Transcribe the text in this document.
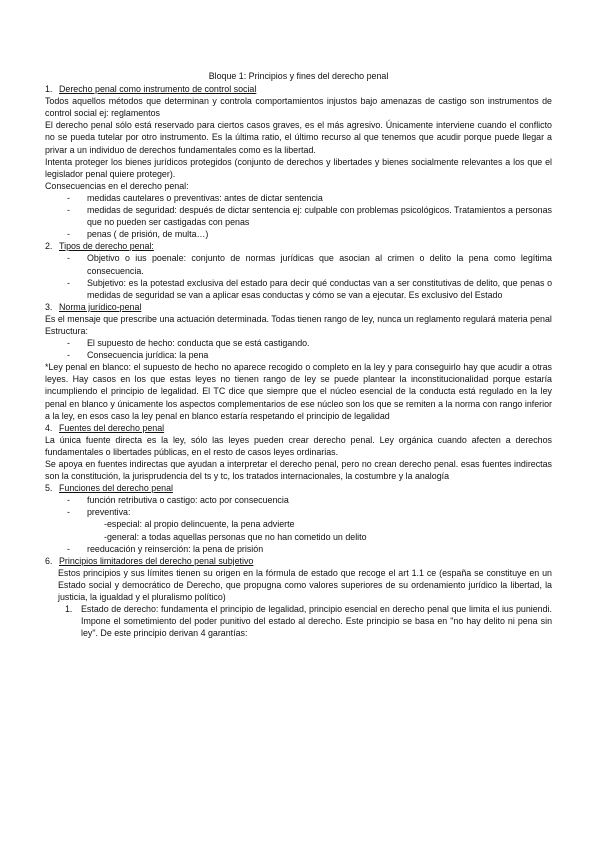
Bloque 1: Principios y fines del derecho penal

1. Derecho penal como instrumento de control social

Todos aquellos métodos que determinan y controla comportamientos injustos bajo amenazas de castigo son instrumentos de control social ej: reglamentos

El derecho penal sólo está reservado para ciertos casos graves, es el más agresivo. Únicamente interviene cuando el conflicto no se pueda tutelar por otro instrumento. Es la última ratio, el último recurso al que tenemos que acudir porque puede llegar a privar a un individuo de derechos fundamentales como es la libertad.

Intenta proteger los bienes jurídicos protegidos (conjunto de derechos y libertades y bienes socialmente relevantes a los que el legislador penal quiere proteger).

Consecuencias en el derecho penal:

-	medidas cautelares o preventivas: antes de dictar sentencia
-	medidas de seguridad: después de dictar sentencia ej: culpable con problemas psicológicos. Tratamientos a personas que no pueden ser castigadas con penas
-	penas ( de prisión, de multa…)
2. Tipos de derecho penal:
-	Objetivo o ius poenale: conjunto de normas jurídicas que asocian al crimen o delito la pena como legítima consecuencia.
-	Subjetivo: es la potestad exclusiva del estado para decir qué conductas van a ser constitutivas de delito, que penas o medidas de seguridad se van a aplicar esas conductas y cómo se van a ejecutar. Es exclusivo del Estado
3. Norma jurídico-penal

Es el mensaje que prescribe una actuación determinada. Todas tienen rango de ley, nunca un reglamento regulará materia penal

Estructura:

-	El supuesto de hecho: conducta que se está castigando.
-	Consecuencia jurídica: la pena

*Ley penal en blanco: el supuesto de hecho no aparece recogido o completo en la ley y para conseguirlo hay que acudir a otras leyes. Hay casos en los que estas leyes no tienen rango de ley se puede plantear la inconstitucionalidad porque estaría incumpliendo el principio de legalidad. El TC dice que siempre que el núcleo esencial de la conducta está regulado en la ley penal en blanco y únicamente los aspectos complementarios de ese núcleo son los que se remiten a la norma con rango inferior a la ley, en esos caso la ley penal en blanco estaría respetando el principio de legalidad

4. Fuentes del derecho penal

La única fuente directa es la ley, sólo las leyes pueden crear derecho penal. Ley orgánica cuando afecten a derechos fundamentales o libertades públicas, en el resto de casos leyes ordinarias.

Se apoya en fuentes indirectas que ayudan a interpretar el derecho penal, pero no crean derecho penal. esas fuentes indirectas son la constitución, la jurisprudencia del ts y tc, los tratados internacionales, la costumbre y la analogía

5. Funciones del derecho penal
-	función retributiva o castigo: acto por consecuencia
-	preventiva:
- especial: al propio delincuente, la pena advierte
- general: a todas aquellas personas que no han cometido un delito
-	reeducación y reinserción: la pena de prisión
6. Principios limitadores del derecho penal subjetivo

Estos principios y sus límites tienen su origen en la fórmula de estado que recoge el art 1.1 ce (españa se constituye en un Estado social y democrático de Derecho, que propugna como valores superiores de su ordenamiento jurídico la libertad, la justicia, la igualdad y el pluralismo político)

1. Estado de derecho: fundamenta el principio de legalidad, principio esencial en derecho penal que limita el ius puniendi. Impone el sometimiento del poder punitivo del estado al derecho. Este principio se basa en "no hay delito ni pena sin ley". De este principio derivan 4 garantías:
